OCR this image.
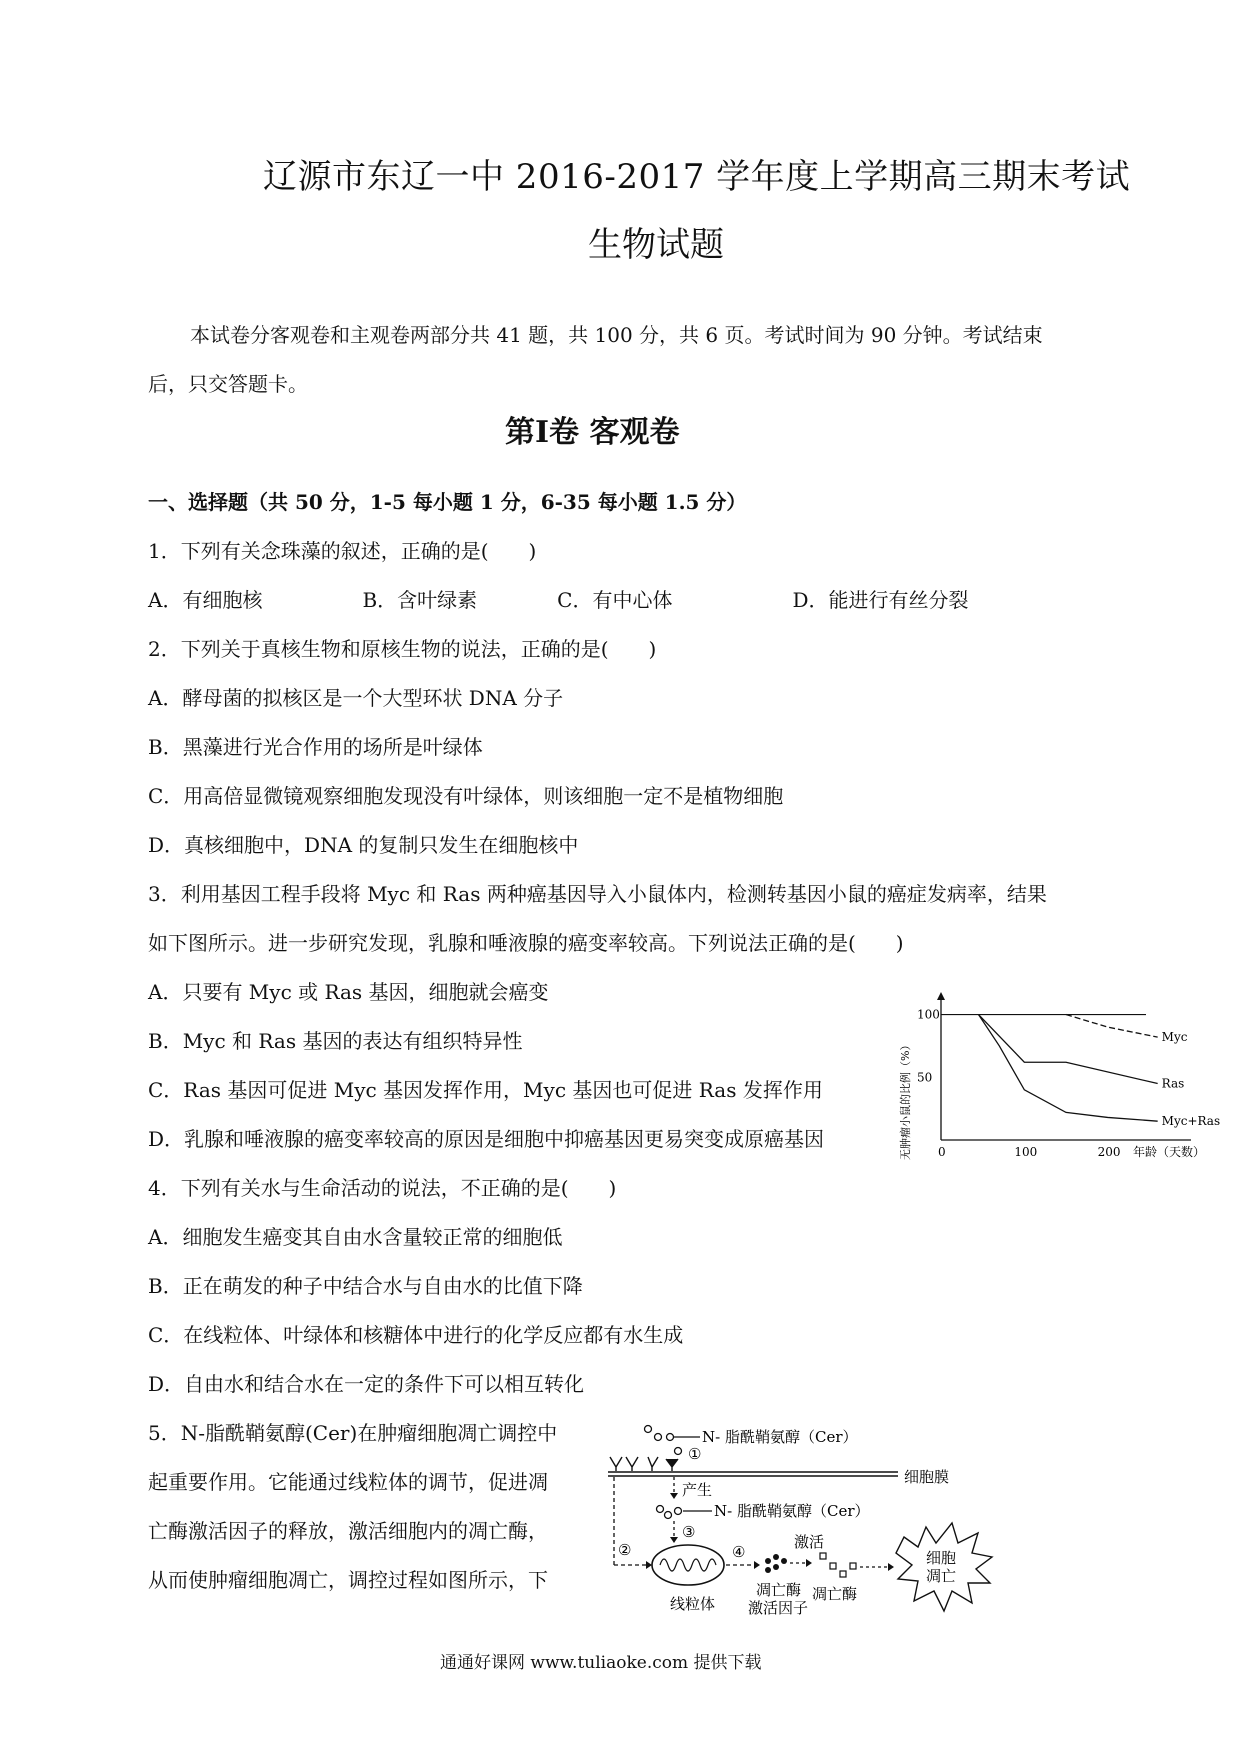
辽源市东辽一中 2016-2017 学年度上学期高三期末考试
生物试题
本试卷分客观卷和主观卷两部分共 41 题，共 100 分，共 6 页。考试时间为 90 分钟。考试结束
后，只交答题卡。
第Ⅰ卷 客观卷
一、选择题（共 50 分，1-5 每小题 1 分，6-35 每小题 1.5 分）
1．下列有关念珠藻的叙述，正确的是(　　)
A．有细胞核　　　　　B．含叶绿素　　　　C．有中心体　　　　　　D．能进行有丝分裂
2．下列关于真核生物和原核生物的说法，正确的是(　　)
A．酵母菌的拟核区是一个大型环状 DNA 分子
B．黑藻进行光合作用的场所是叶绿体
C．用高倍显微镜观察细胞发现没有叶绿体，则该细胞一定不是植物细胞
D．真核细胞中，DNA 的复制只发生在细胞核中
3．利用基因工程手段将 Myc 和 Ras 两种癌基因导入小鼠体内，检测转基因小鼠的癌症发病率，结果
如下图所示。进一步研究发现，乳腺和唾液腺的癌变率较高。下列说法正确的是(　　)
A．只要有 Myc 或 Ras 基因，细胞就会癌变
B．Myc 和 Ras 基因的表达有组织特异性
C．Ras 基因可促进 Myc 基因发挥作用，Myc 基因也可促进 Ras 发挥作用
D．乳腺和唾液腺的癌变率较高的原因是细胞中抑癌基因更易突变成原癌基因
4．下列有关水与生命活动的说法，不正确的是(　　)
A．细胞发生癌变其自由水含量较正常的细胞低
B．正在萌发的种子中结合水与自由水的比值下降
C．在线粒体、叶绿体和核糖体中进行的化学反应都有水生成
D．自由水和结合水在一定的条件下可以相互转化
5．N-脂酰鞘氨醇(Cer)在肿瘤细胞凋亡调控中
起重要作用。它能通过线粒体的调节，促进凋
亡酶激活因子的释放，激活细胞内的凋亡酶，
从而使肿瘤细胞凋亡，调控过程如图所示，下
0	100	200
50
100
Myc
Ras
Myc+Ras
无肿瘤小鼠的比例（%）	年龄（天数）
N- 脂酰鞘氨醇（Cer）
①
细胞膜
产生
N- 脂酰鞘氨醇（Cer）
③
②
线粒体
④
凋亡酶
激活因子
激活
凋亡酶
细胞
凋亡
通通好课网 www.tuliaoke.com 提供下载
